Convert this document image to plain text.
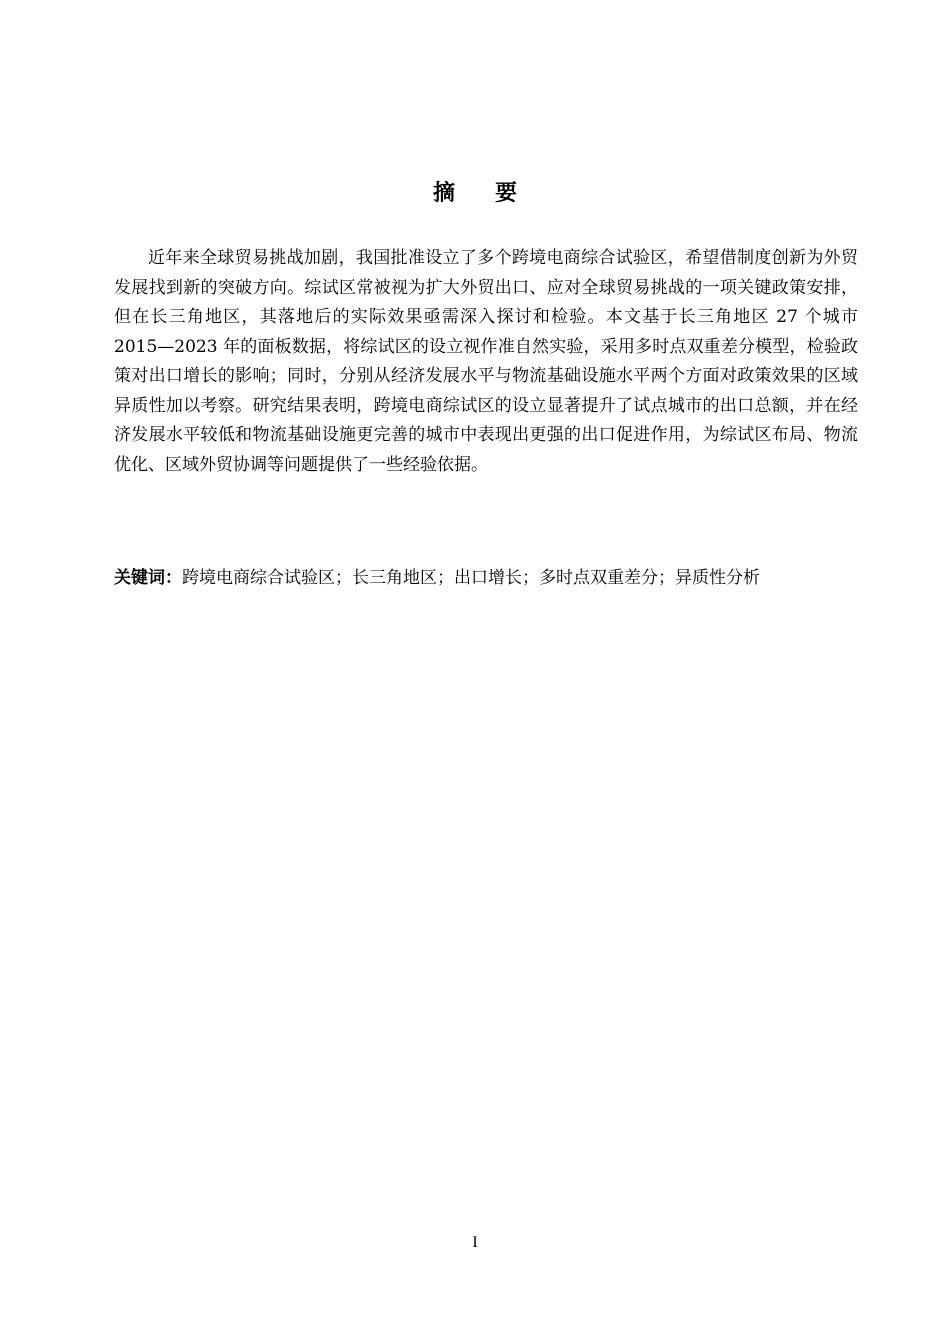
摘要

近年来全球贸易挑战加剧，我国批准设立了多个跨境电商综合试验区，希望借制度创新为外贸发展找到新的突破方向。综试区常被视为扩大外贸出口、应对全球贸易挑战的一项关键政策安排，但在长三角地区，其落地后的实际效果亟需深入探讨和检验。本文基于长三角地区 27 个城市 2015—2023 年的面板数据，将综试区的设立视作准自然实验，采用多时点双重差分模型，检验政策对出口增长的影响；同时，分别从经济发展水平与物流基础设施水平两个方面对政策效果的区域异质性加以考察。研究结果表明，跨境电商综试区的设立显著提升了试点城市的出口总额，并在经济发展水平较低和物流基础设施更完善的城市中表现出更强的出口促进作用，为综试区布局、物流优化、区域外贸协调等问题提供了一些经验依据。

关键词：跨境电商综合试验区；长三角地区；出口增长；多时点双重差分；异质性分析

I
